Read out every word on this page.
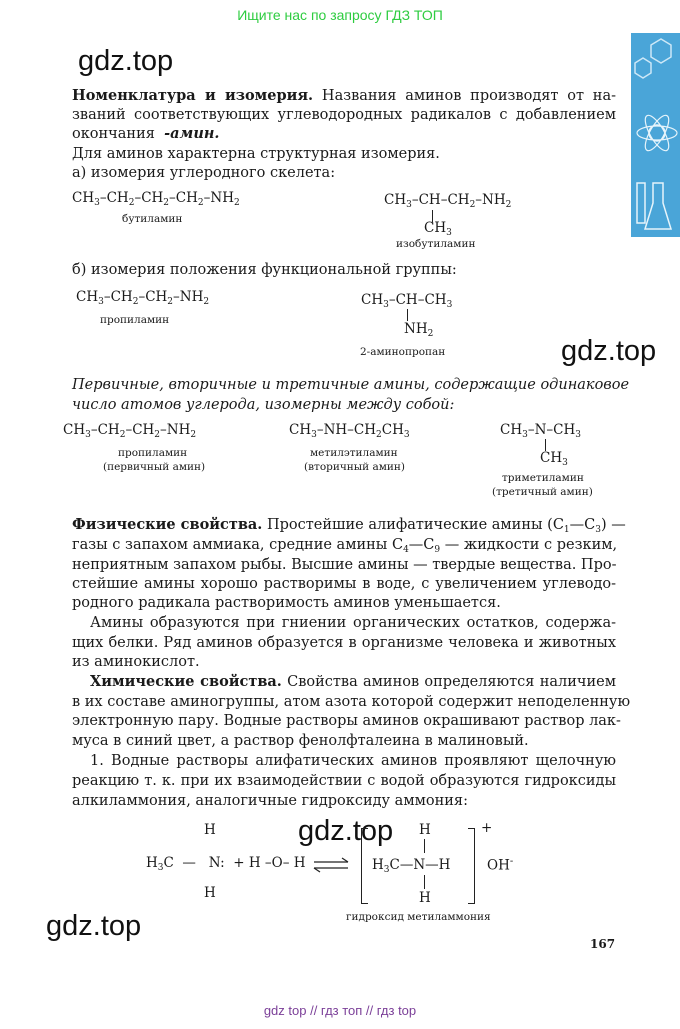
Ищите нас по запросу ГДЗ ТОП
gdz.top
gdz.top
gdz.top
gdz.top
Номенклатура и изомерия. Названия аминов производят от на-
званий соответствующих углеводородных радикалов с добавлением
окончания -амин.
Для аминов характерна структурная изомерия.
а) изомерия углеродного скелета:
$CH_3-CH_2-CH_2-CH_2-NH_2$
бутиламин
$CH_3-CH-CH_2-NH_2$
$CH_3$
изобутиламин
б) изомерия положения функциональной группы:
$CH_3-CH_2-CH_2-NH_2$
пропиламин
$CH_3-CH-CH_3$
$NH_2$
2-аминопропан
Первичные, вторичные и третичные амины, содержащие одинаковое
число атомов углерода, изомерны между собой:
$CH_3-CH_2-CH_2-NH_2$
пропиламин
(первичный амин)
$CH_3-NH-CH_2CH_3$
метилэтиламин
(вторичный амин)
$CH_3-N-CH_3$
$CH_3$
триметиламин
(третичный амин)
Физические свойства. Простейшие алифатические амины $(C_1—C_3)$ —
газы с запахом аммиака, средние амины $C_4—C_9$ — жидкости с резким,
неприятным запахом рыбы. Высшие амины — твердые вещества. Про-
стейшие амины хорошо растворимы в воде, с увеличением углеводо-
родного радикала растворимость аминов уменьшается.
Амины образуются при гниении органических остатков, содержа-
щих белки. Ряд аминов образуется в организме человека и животных
из аминокислот.
Химические свойства. Свойства аминов определяются наличием
в их составе аминогруппы, атом азота которой содержит неподеленную
электронную пару. Водные растворы аминов окрашивают раствор лак-
муса в синий цвет, а раствор фенолфталеина в малиновый.
1. Водные растворы алифатических аминов проявляют щелочную
реакцию т. к. при их взаимодействии с водой образуются гидроксиды
алкиламмония, аналогичные гидроксиду аммония:
H
$H_3C$  —   N:  + H –O– H ⇌
H
H
$H_3C—N—H$
H
+
OH-
гидроксид метиламмония
167
gdz top // гдз топ // гдз top
